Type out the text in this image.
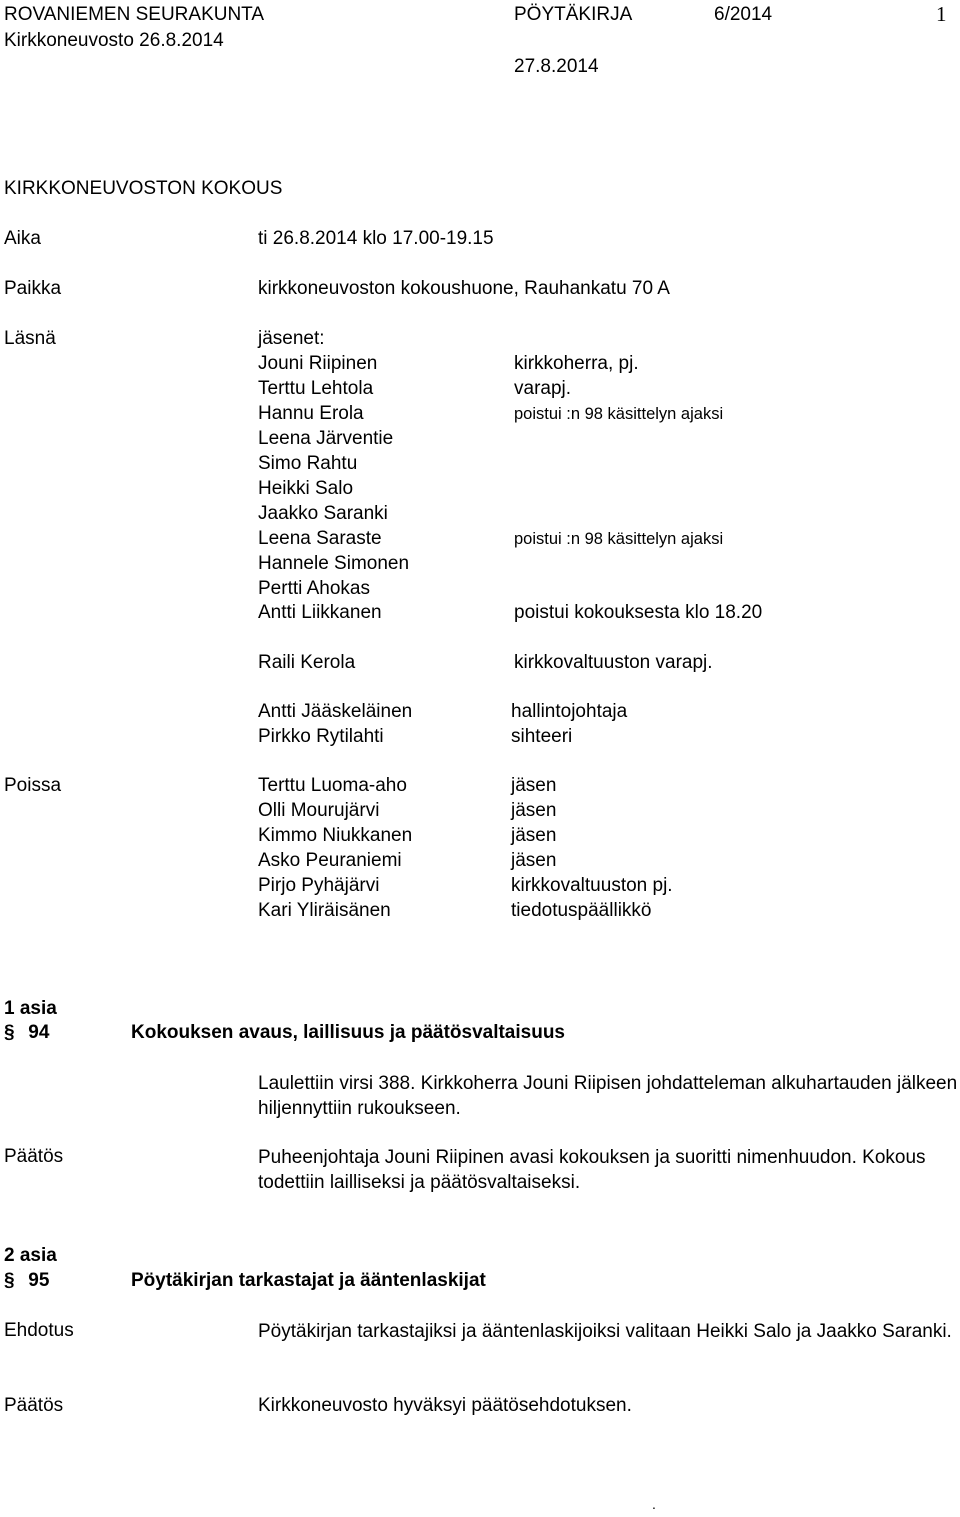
ROVANIEMEN SEURAKUNTA	PÖYTÄKIRJA	6/2014	1
Kirkkoneuvosto 26.8.2014
27.8.2014
KIRKKONEUVOSTON KOKOUS
Aika	ti 26.8.2014 klo 17.00-19.15
Paikka	kirkkoneuvoston kokoushuone, Rauhankatu 70 A
Läsnä	jäsenet:
Jouni Riipinen	kirkkoherra, pj.
Terttu Lehtola	varapj.
Hannu Erola	poistui :n 98 käsittelyn ajaksi
Leena Järventie
Simo Rahtu
Heikki Salo
Jaakko Saranki
Leena Saraste	poistui :n 98 käsittelyn ajaksi
Hannele Simonen
Pertti Ahokas
Antti Liikkanen	poistui kokouksesta klo 18.20
Raili Kerola	kirkkovaltuuston varapj.
Antti Jääskeläinen	hallintojohtaja
Pirkko Rytilahti	sihteeri
Poissa	Terttu Luoma-aho	jäsen
Olli Mourujärvi	jäsen
Kimmo Niukkanen	jäsen
Asko Peuraniemi	jäsen
Pirjo Pyhäjärvi	kirkkovaltuuston pj.
Kari Yliräisänen	tiedotuspäällikkö
1 asia
§ 94	Kokouksen avaus, laillisuus ja päätösvaltaisuus
Laulettiin virsi 388. Kirkkoherra Jouni Riipisen johdatteleman alkuhartauden jälkeen hiljennyttiin rukoukseen.
Päätös	Puheenjohtaja Jouni Riipinen avasi kokouksen ja suoritti nimenhuudon. Kokous todettiin lailliseksi ja päätösvaltaiseksi.
2 asia
§ 95	Pöytäkirjan tarkastajat ja ääntenlaskijat
Ehdotus	Pöytäkirjan tarkastajiksi ja ääntenlaskijoiksi valitaan Heikki Salo ja Jaakko Saranki.
Päätös	Kirkkoneuvosto hyväksyi päätösehdotuksen.
.
